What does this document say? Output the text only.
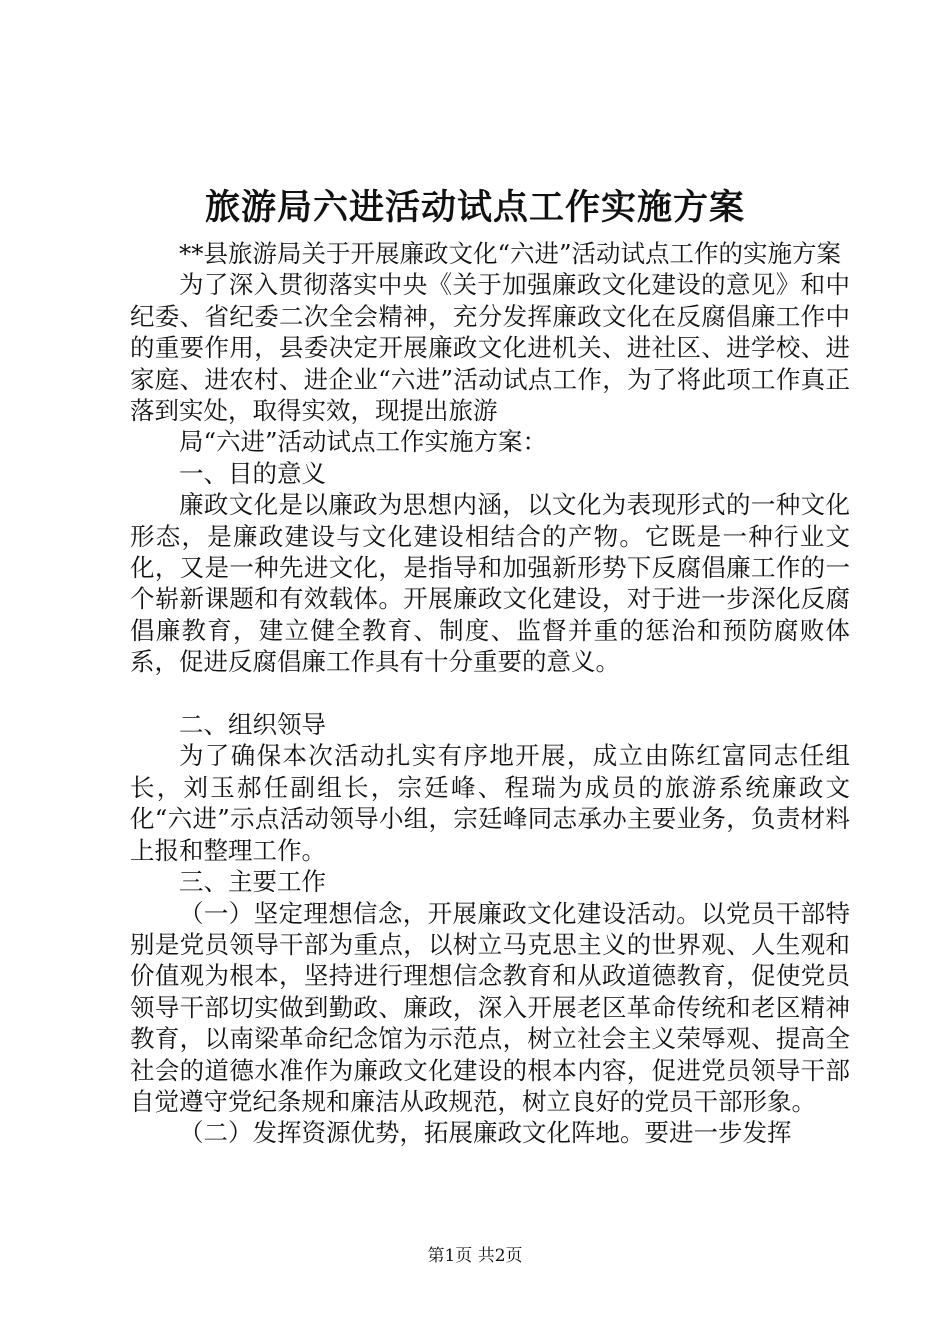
旅游局六进活动试点工作实施方案

**县旅游局关于开展廉政文化“六进”活动试点工作的实施方案

为了深入贯彻落实中央《关于加强廉政文化建设的意见》和中纪委、省纪委二次全会精神，充分发挥廉政文化在反腐倡廉工作中的重要作用，县委决定开展廉政文化进机关、进社区、进学校、进家庭、进农村、进企业“六进”活动试点工作，为了将此项工作真正落到实处，取得实效，现提出旅游

局“六进”活动试点工作实施方案：

一、目的意义

廉政文化是以廉政为思想内涵，以文化为表现形式的一种文化形态，是廉政建设与文化建设相结合的产物。它既是一种行业文化，又是一种先进文化，是指导和加强新形势下反腐倡廉工作的一个崭新课题和有效载体。开展廉政文化建设，对于进一步深化反腐倡廉教育，建立健全教育、制度、监督并重的惩治和预防腐败体系，促进反腐倡廉工作具有十分重要的意义。

二、组织领导

为了确保本次活动扎实有序地开展，成立由陈红富同志任组长，刘玉郝任副组长，宗廷峰、程瑞为成员的旅游系统廉政文化“六进”示点活动领导小组，宗廷峰同志承办主要业务，负责材料上报和整理工作。

三、主要工作

（一）坚定理想信念，开展廉政文化建设活动。以党员干部特别是党员领导干部为重点，以树立马克思主义的世界观、人生观和价值观为根本，坚持进行理想信念教育和从政道德教育，促使党员领导干部切实做到勤政、廉政，深入开展老区革命传统和老区精神教育，以南梁革命纪念馆为示范点，树立社会主义荣辱观、提高全社会的道德水准作为廉政文化建设的根本内容，促进党员领导干部自觉遵守党纪条规和廉洁从政规范，树立良好的党员干部形象。

（二）发挥资源优势，拓展廉政文化阵地。要进一步发挥

第1页 共2页
